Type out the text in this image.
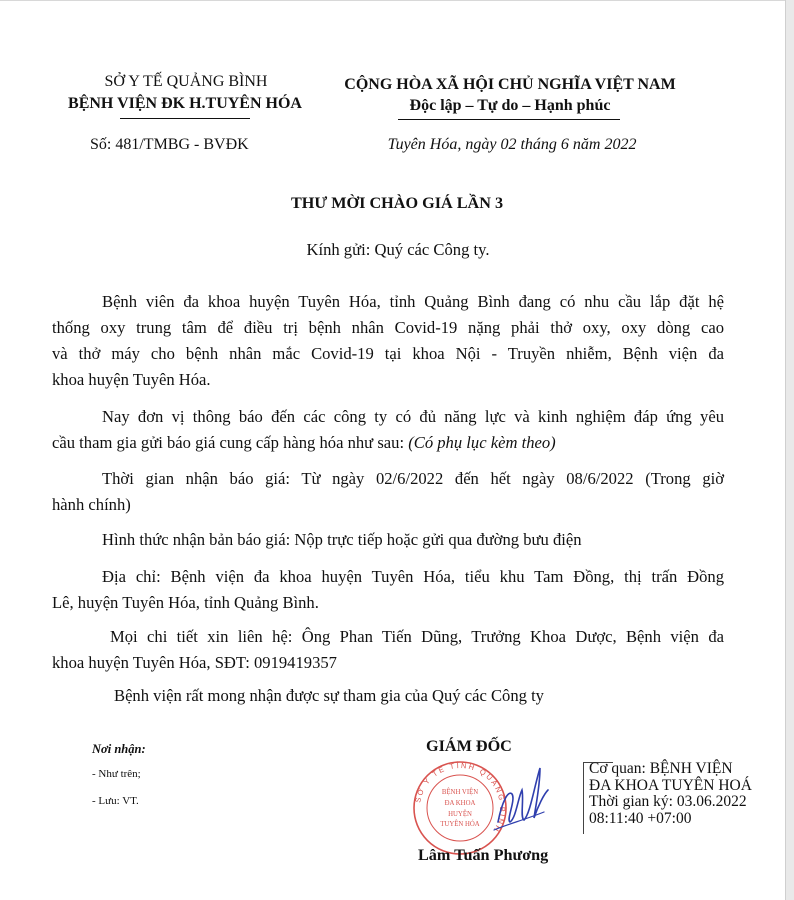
SỞ Y TẾ QUẢNG BÌNH
BỆNH VIỆN ĐK H.TUYÊN HÓA
Số: 481/TMBG - BVĐK
CỘNG HÒA XÃ HỘI CHỦ NGHĨA VIỆT NAM
Độc lập – Tự do – Hạnh phúc
Tuyên Hóa, ngày 02 tháng 6 năm 2022
THƯ MỜI CHÀO GIÁ LẦN 3
Kính gửi: Quý các Công ty.
Bệnh viên đa khoa huyện Tuyên Hóa, tỉnh Quảng Bình đang có nhu cầu lắp đặt hệ
thống oxy trung tâm để điều trị bệnh nhân Covid-19 nặng phải thở oxy, oxy dòng cao
và thở máy cho bệnh nhân mắc Covid-19 tại khoa Nội - Truyền nhiễm, Bệnh viện đa
khoa huyện Tuyên Hóa.
Nay đơn vị thông báo đến các công ty có đủ năng lực và kinh nghiệm đáp ứng yêu
cầu tham gia gửi báo giá cung cấp hàng hóa như sau: (Có phụ lục kèm theo)
Thời gian nhận báo giá: Từ ngày 02/6/2022 đến hết ngày 08/6/2022 (Trong giờ
hành chính)
Hình thức nhận bản báo giá: Nộp trực tiếp hoặc gửi qua đường bưu điện
Địa chỉ: Bệnh viện đa khoa huyện Tuyên Hóa, tiểu khu Tam Đồng, thị trấn Đồng
Lê, huyện Tuyên Hóa, tỉnh Quảng Bình.
Mọi chi tiết xin liên hệ: Ông Phan Tiến Dũng, Trưởng Khoa Dược, Bệnh viện đa
khoa huyện Tuyên Hóa, SĐT: 0919419357
Bệnh viện rất mong nhận được sự tham gia của Quý các Công ty
Nơi nhận:
- Như trên;
- Lưu: VT.
GIÁM ĐỐC
SỞ Y TẾ TỈNH QUẢNG BÌNH
BỆNH VIỆN
ĐA KHOA
HUYỆN
TUYÊN HÓA
Lâm Tuấn Phương
Cơ quan: BỆNH VIỆN
ĐA KHOA TUYÊN HOÁ
Thời gian ký: 03.06.2022
08:11:40 +07:00
